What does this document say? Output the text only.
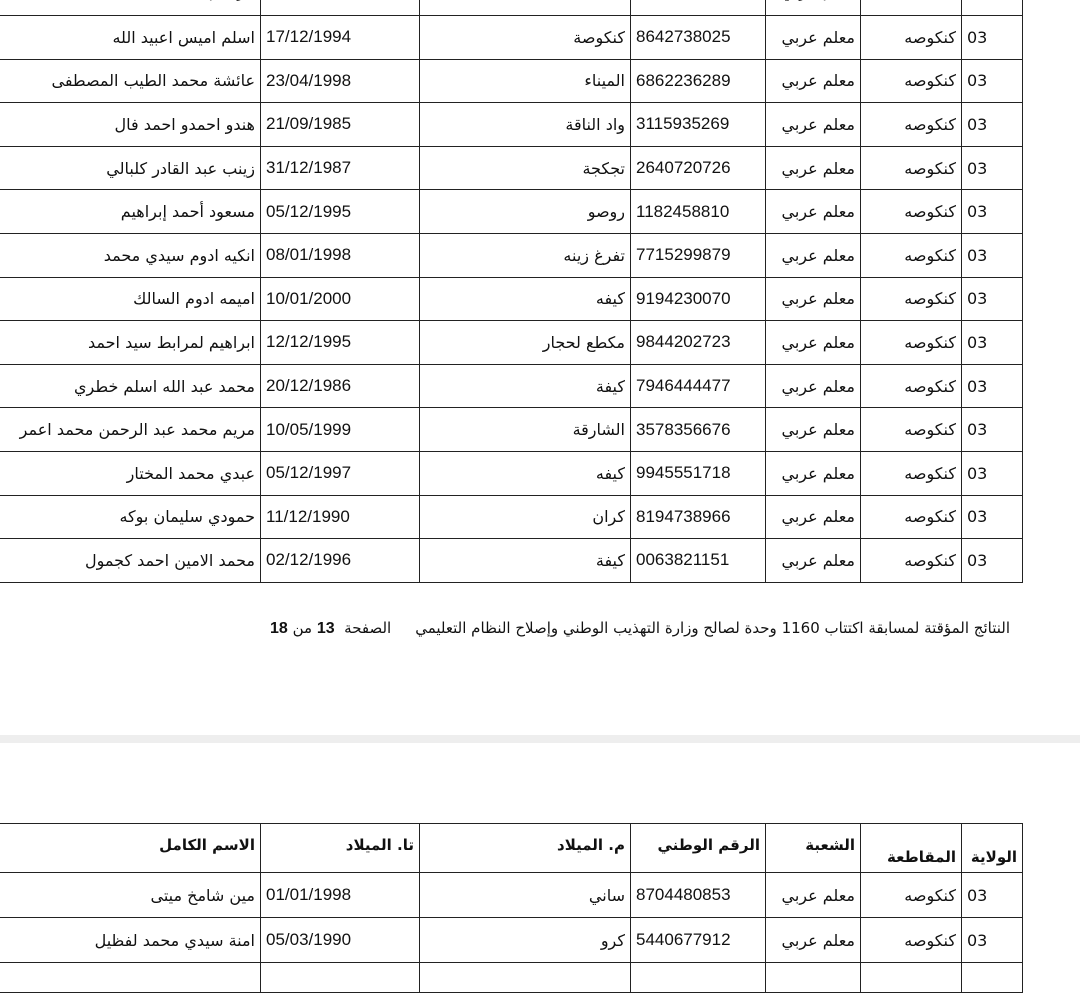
03	كنكوصه	معلم عربي	8642738025	كنكوصة	17/12/1994	اسلم اميس اعبيد الله
03	كنكوصه	معلم عربي	6862236289	الميناء	23/04/1998	عائشة محمد الطيب المصطفى
03	كنكوصه	معلم عربي	3115935269	واد الناقة	21/09/1985	هندو احمدو احمد فال
03	كنكوصه	معلم عربي	2640720726	تجكجة	31/12/1987	زينب عبد القادر كلبالي
03	كنكوصه	معلم عربي	1182458810	روصو	05/12/1995	مسعود أحمد إبراهيم
03	كنكوصه	معلم عربي	7715299879	تفرغ زينه	08/01/1998	انكيه ادوم سيدي محمد
03	كنكوصه	معلم عربي	9194230070	كيفه	10/01/2000	اميمه ادوم السالك
03	كنكوصه	معلم عربي	9844202723	مكطع لحجار	12/12/1995	ابراهيم لمرابط سيد احمد
03	كنكوصه	معلم عربي	7946444477	كيفة	20/12/1986	محمد عبد الله اسلم خطري
03	كنكوصه	معلم عربي	3578356676	الشارقة	10/05/1999	مريم محمد عبد الرحمن محمد اعمر
03	كنكوصه	معلم عربي	9945551718	كيفه	05/12/1997	عبدي محمد المختار
03	كنكوصه	معلم عربي	8194738966	كران	11/12/1990	حمودي سليمان بوكه
03	كنكوصه	معلم عربي	0063821151	كيفة	02/12/1996	محمد الامين احمد كجمول
النتائج المؤقتة لمسابقة اكتتاب 1160 وحدة لصالح وزارة التهذيب الوطني وإصلاح النظام التعليميالصفحة  13 من 18
الولاية	المقاطعة	الشعبة	الرقم الوطني	م. الميلاد	تا. الميلاد	الاسم الكامل
03	كنكوصه	معلم عربي	8704480853	ساني	01/01/1998	مين شامخ ميتى
03	كنكوصه	معلم عربي	5440677912	كرو	05/03/1990	امنة سيدي محمد لفظيل
